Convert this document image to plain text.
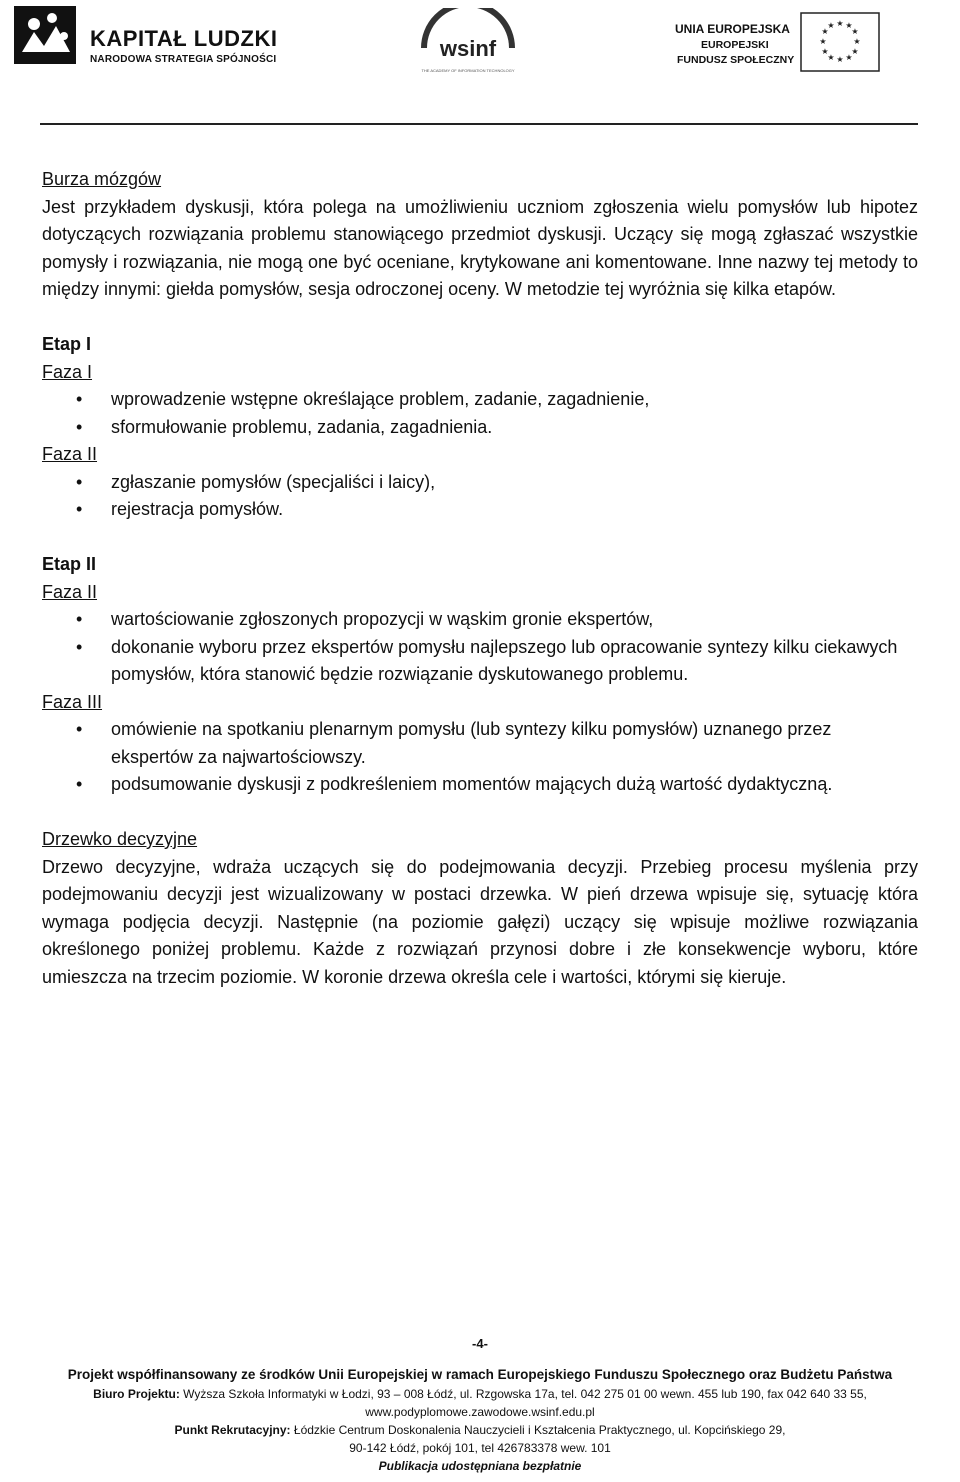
KAPITAŁ LUDZKI
NARODOWA STRATEGIA SPÓJNOŚCI	wsinf
THE ACADEMY OF INFORMATION TECHNOLOGY
UNIA EUROPEJSKA
EUROPEJSKI
FUNDUSZ SPOŁECZNY
★ ★
★
★
★
★
★
★
★
★
★
★

Burza mózgów

Jest przykładem dyskusji, która polega na umożliwieniu uczniom zgłoszenia wielu pomysłów lub hipotez dotyczących rozwiązania problemu stanowiącego przedmiot dyskusji. Uczący się mogą zgłaszać wszystkie pomysły i rozwiązania, nie mogą one być oceniane, krytykowane ani komentowane. Inne nazwy tej metody to między innymi: giełda pomysłów, sesja odroczonej oceny. W metodzie tej wyróżnia się kilka etapów.

Etap I

Faza I

• wprowadzenie wstępne określające problem, zadanie, zagadnienie,
• sformułowanie problemu, zadania, zagadnienia.

Faza II

• zgłaszanie pomysłów (specjaliści i laicy),
• rejestracja pomysłów.

Etap II

Faza II

• wartościowanie zgłoszonych propozycji w wąskim gronie ekspertów,
• dokonanie wyboru przez ekspertów pomysłu najlepszego lub opracowanie syntezy kilku ciekawych pomysłów, która stanowić będzie rozwiązanie dyskutowanego problemu.

Faza III

• omówienie na spotkaniu plenarnym pomysłu (lub syntezy kilku pomysłów) uznanego przez ekspertów za najwartościowszy.
• podsumowanie dyskusji z podkreśleniem momentów mających dużą wartość dydaktyczną.

Drzewko decyzyjne

Drzewo decyzyjne, wdraża uczących się do podejmowania decyzji. Przebieg procesu myślenia przy podejmowaniu decyzji jest wizualizowany w postaci drzewka. W pień drzewa wpisuje się, sytuację która wymaga podjęcia decyzji. Następnie (na poziomie gałęzi) uczący się wpisuje możliwe rozwiązania określonego poniżej problemu. Każde z rozwiązań przynosi dobre i złe konsekwencje wyboru, które umieszcza na trzecim poziomie. W koronie drzewa określa cele i wartości, którymi się kieruje.

-4-
Projekt współfinansowany ze środków Unii Europejskiej w ramach Europejskiego Funduszu Społecznego oraz Budżetu Państwa
Biuro Projektu: Wyższa Szkoła Informatyki w Łodzi, 93 – 008 Łódź, ul. Rzgowska 17a, tel. 042 275 01 00 wewn. 455 lub 190, fax 042 640 33 55,
www.podyplomowe.zawodowe.wsinf.edu.pl
Punkt Rekrutacyjny: Łódzkie Centrum Doskonalenia Nauczycieli i Kształcenia Praktycznego, ul. Kopcińskiego 29,
90-142 Łódź, pokój 101, tel 426783378 wew. 101
Publikacja udostępniana bezpłatnie
